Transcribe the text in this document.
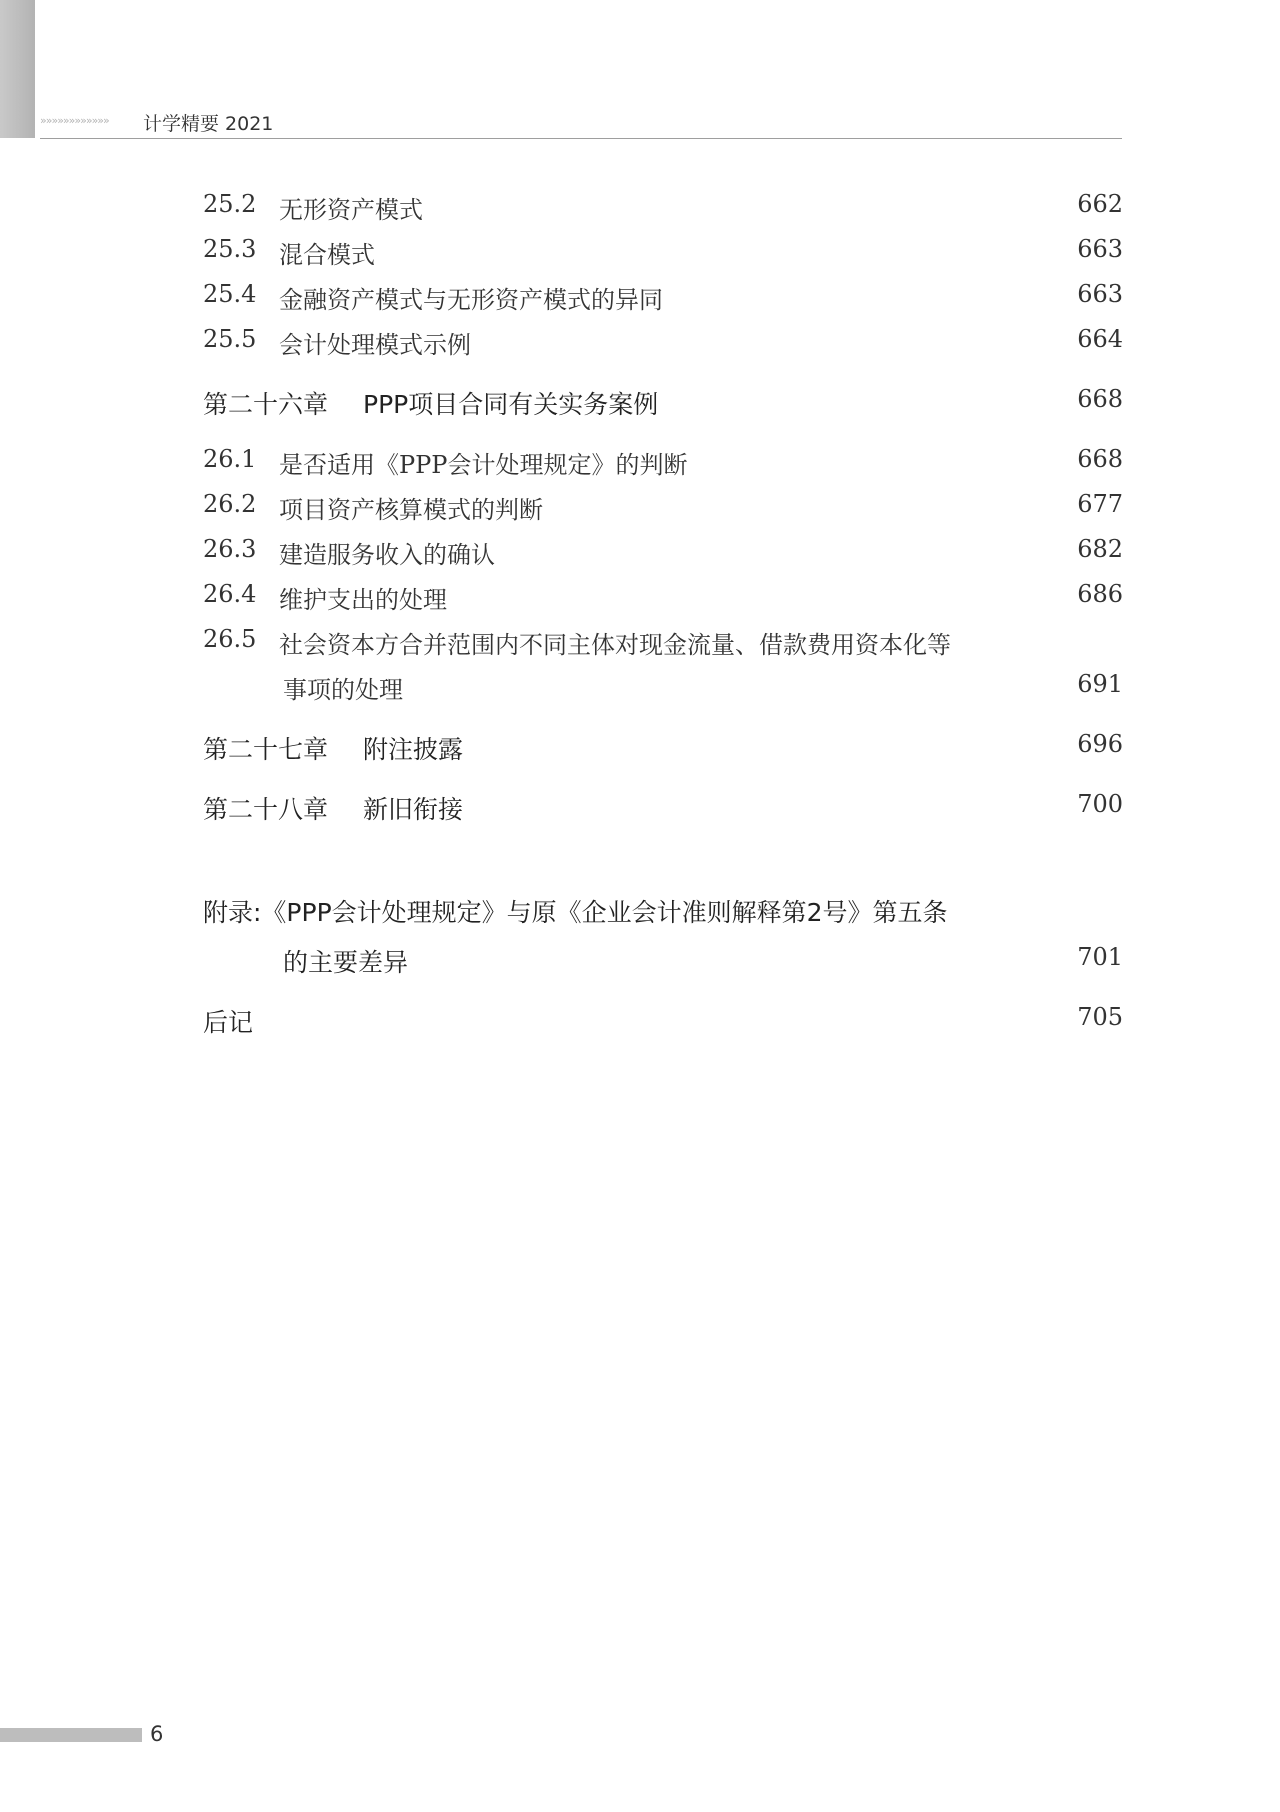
»»»»»»»»»»»» 计学精要 2021
25.2 无形资产模式	662
25.3 混合模式	663
25.4 金融资产模式与无形资产模式的异同	663
25.5 会计处理模式示例	664
第二十六章 PPP项目合同有关实务案例	668
26.1 是否适用《PPP会计处理规定》的判断	668
26.2 项目资产核算模式的判断	677
26.3 建造服务收入的确认	682
26.4 维护支出的处理	686
26.5 社会资本方合并范围内不同主体对现金流量、借款费用资本化等
事项的处理	691
第二十七章 附注披露	696
第二十八章 新旧衔接	700
附录:《PPP会计处理规定》与原《企业会计准则解释第2号》第五条
的主要差异	701
后记	705
6
